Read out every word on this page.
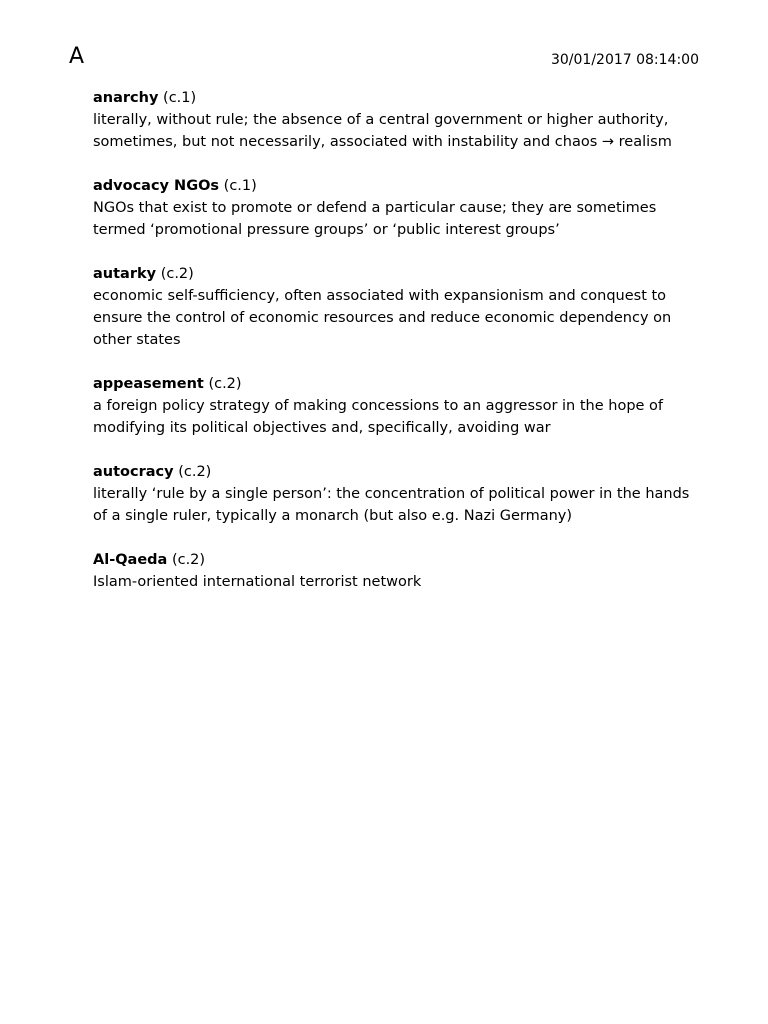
A	30/01/2017 08:14:00
anarchy (c.1)
literally, without rule; the absence of a central government or higher authority, sometimes, but not necessarily, associated with instability and chaos → realism
advocacy NGOs (c.1)
NGOs that exist to promote or defend a particular cause; they are sometimes termed ‘promotional pressure groups’ or ‘public interest groups’
autarky (c.2)
economic self-sufficiency, often associated with expansionism and conquest to ensure the control of economic resources and reduce economic dependency on other states
appeasement (c.2)
a foreign policy strategy of making concessions to an aggressor in the hope of modifying its political objectives and, specifically, avoiding war
autocracy (c.2)
literally ‘rule by a single person’: the concentration of political power in the hands of a single ruler, typically a monarch (but also e.g. Nazi Germany)
Al-Qaeda (c.2)
Islam-oriented international terrorist network
